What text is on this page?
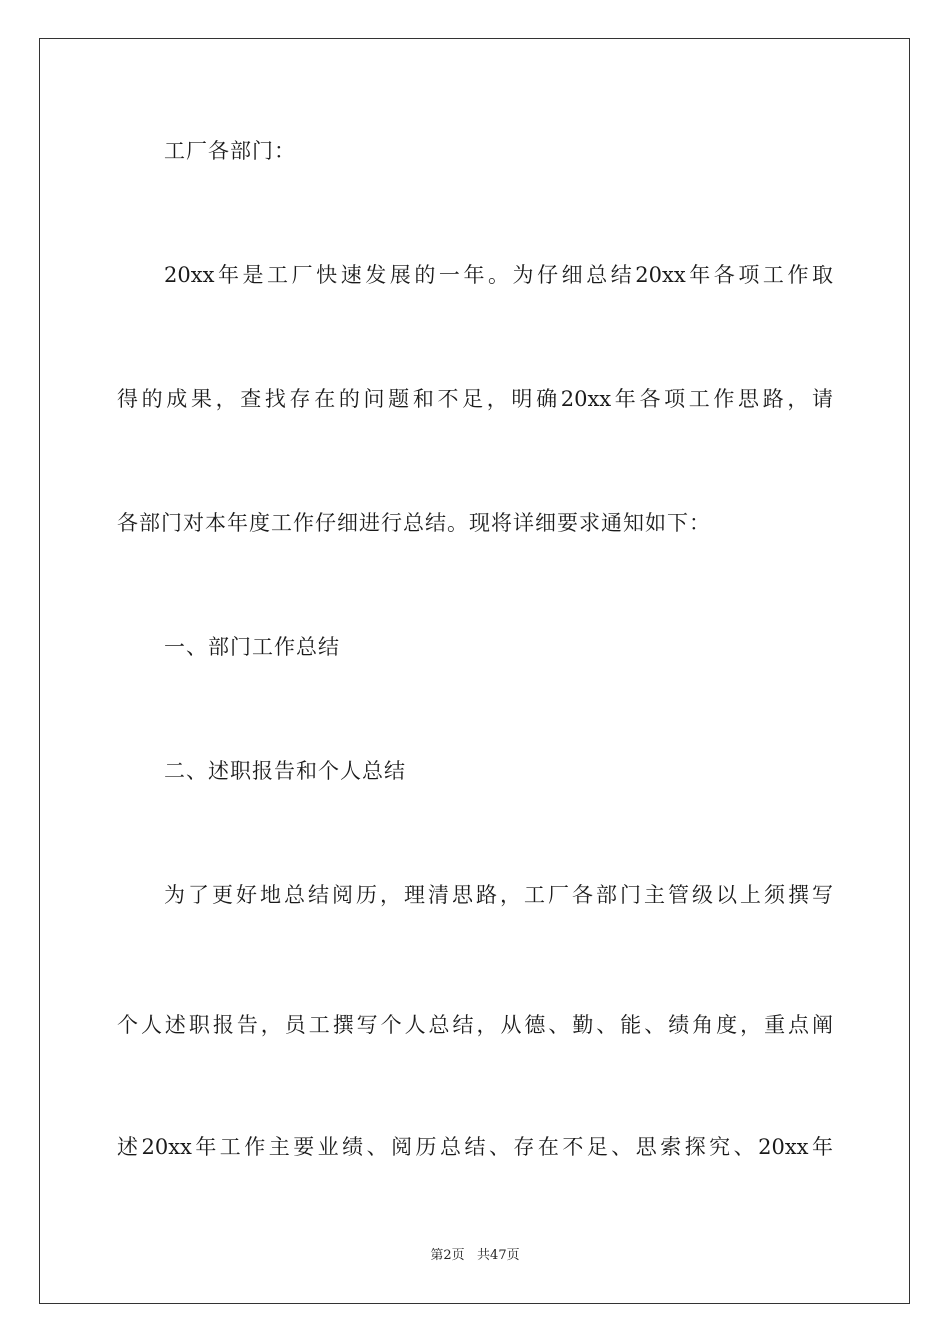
工厂各部门：
20xx年是工厂快速发展的一年。为仔细总结20xx年各项工作取
得的成果，查找存在的问题和不足，明确20xx年各项工作思路，请
各部门对本年度工作仔细进行总结。现将详细要求通知如下：
一、部门工作总结
二、述职报告和个人总结
为了更好地总结阅历，理清思路，工厂各部门主管级以上须撰写
个人述职报告，员工撰写个人总结，从德、勤、能、绩角度，重点阐
述20xx年工作主要业绩、阅历总结、存在不足、思索探究、20xx年
第2页   共47页
